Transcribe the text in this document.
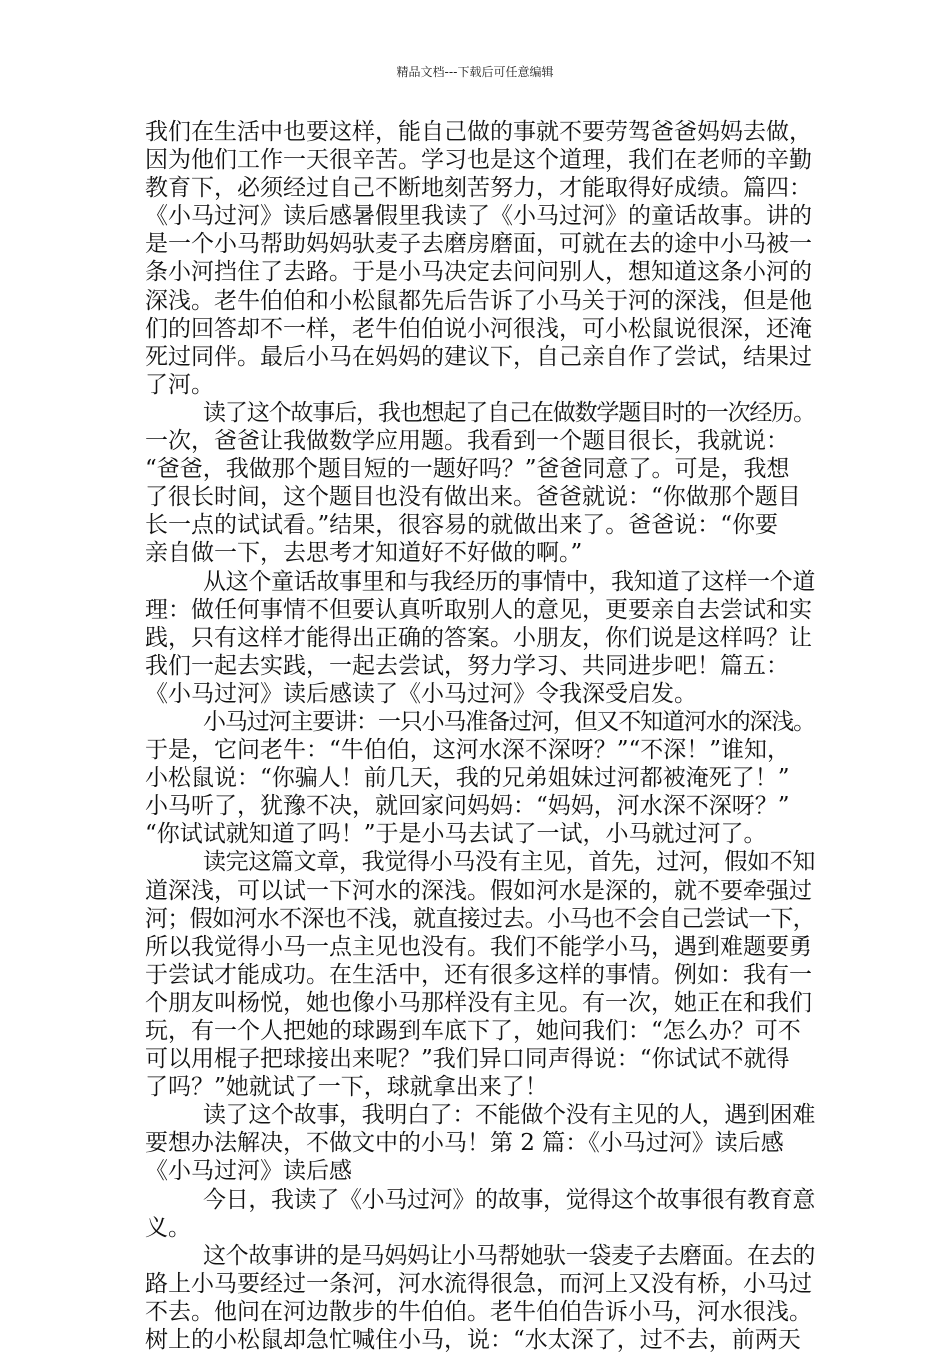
精品文档---下载后可任意编辑
我们在生活中也要这样，能自己做的事就不要劳驾爸爸妈妈去做，
因为他们工作一天很辛苦。学习也是这个道理，我们在老师的辛勤
教育下，必须经过自己不断地刻苦努力，才能取得好成绩。篇四：
《小马过河》读后感暑假里我读了《小马过河》的童话故事。讲的
是一个小马帮助妈妈驮麦子去磨房磨面，可就在去的途中小马被一
条小河挡住了去路。于是小马决定去问问别人，想知道这条小河的
深浅。老牛伯伯和小松鼠都先后告诉了小马关于河的深浅，但是他
们的回答却不一样，老牛伯伯说小河很浅，可小松鼠说很深，还淹
死过同伴。最后小马在妈妈的建议下，自己亲自作了尝试，结果过
了河。
读了这个故事后，我也想起了自己在做数学题目时的一次经历。
一次，爸爸让我做数学应用题。我看到一个题目很长，我就说：
“爸爸，我做那个题目短的一题好吗？”爸爸同意了。可是，我想
了很长时间，这个题目也没有做出来。爸爸就说：“你做那个题目
长一点的试试看。”结果，很容易的就做出来了。爸爸说：“你要
亲自做一下，去思考才知道好不好做的啊。”
从这个童话故事里和与我经历的事情中，我知道了这样一个道
理：做任何事情不但要认真听取别人的意见，更要亲自去尝试和实
践，只有这样才能得出正确的答案。小朋友，你们说是这样吗？让
我们一起去实践，一起去尝试，努力学习、共同进步吧！篇五：
《小马过河》读后感读了《小马过河》令我深受启发。
小马过河主要讲：一只小马准备过河，但又不知道河水的深浅。
于是，它问老牛：“牛伯伯，这河水深不深呀？”“不深！”谁知，
小松鼠说：“你骗人！前几天，我的兄弟姐妹过河都被淹死了！”
小马听了，犹豫不决，就回家问妈妈：“妈妈，河水深不深呀？”
“你试试就知道了吗！”于是小马去试了一试，小马就过河了。
读完这篇文章，我觉得小马没有主见，首先，过河，假如不知
道深浅，可以试一下河水的深浅。假如河水是深的，就不要牵强过
河；假如河水不深也不浅，就直接过去。小马也不会自己尝试一下，
所以我觉得小马一点主见也没有。我们不能学小马，遇到难题要勇
于尝试才能成功。在生活中，还有很多这样的事情。例如：我有一
个朋友叫杨悦，她也像小马那样没有主见。有一次，她正在和我们
玩，有一个人把她的球踢到车底下了，她问我们：“怎么办？可不
可以用棍子把球接出来呢？”我们异口同声得说：“你试试不就得
了吗？”她就试了一下，球就拿出来了！
读了这个故事，我明白了：不能做个没有主见的人，遇到困难
要想办法解决，不做文中的小马！第 2 篇：《小马过河》读后感
《小马过河》读后感
今日，我读了《小马过河》的故事，觉得这个故事很有教育意
义。
这个故事讲的是马妈妈让小马帮她驮一袋麦子去磨面。在去的
路上小马要经过一条河，河水流得很急，而河上又没有桥，小马过
不去。他问在河边散步的牛伯伯。老牛伯伯告诉小马，河水很浅。
树上的小松鼠却急忙喊住小马，说：“水太深了，过不去，前两天
